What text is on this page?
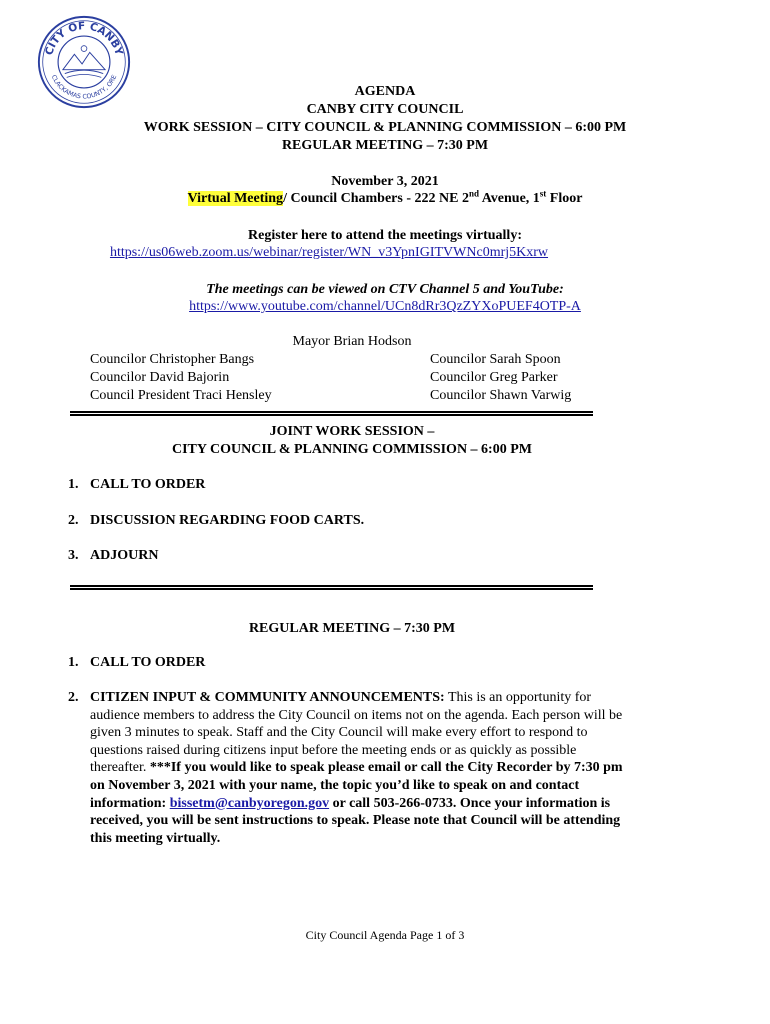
CITY OF CANBY
CLACKAMAS COUNTY, ORE
AGENDA
CANBY CITY COUNCIL
WORK SESSION – CITY COUNCIL & PLANNING COMMISSION – 6:00 PM
REGULAR MEETING – 7:30 PM
November 3, 2021
Virtual Meeting/ Council Chambers - 222 NE 2nd Avenue, 1st Floor
Register here to attend the meetings virtually:
https://us06web.zoom.us/webinar/register/WN_v3YpnIGITVWNc0mrj5Kxrw
The meetings can be viewed on CTV Channel 5 and YouTube:
https://www.youtube.com/channel/UCn8dRr3QzZYXoPUEF4OTP-A
Mayor Brian Hodson
Councilor Christopher Bangs
Councilor David Bajorin
Council President Traci Hensley
Councilor Sarah Spoon
Councilor Greg Parker
Councilor Shawn Varwig
JOINT WORK SESSION –
CITY COUNCIL & PLANNING COMMISSION – 6:00 PM
1. CALL TO ORDER
2. DISCUSSION REGARDING FOOD CARTS.
3. ADJOURN
REGULAR MEETING – 7:30 PM
1. CALL TO ORDER
2. CITIZEN INPUT & COMMUNITY ANNOUNCEMENTS: This is an opportunity for audience members to address the City Council on items not on the agenda. Each person will be given 3 minutes to speak. Staff and the City Council will make every effort to respond to questions raised during citizens input before the meeting ends or as quickly as possible thereafter. ***If you would like to speak please email or call the City Recorder by 7:30 pm on November 3, 2021 with your name, the topic you’d like to speak on and contact information: bissetm@canbyoregon.gov or call 503-266-0733. Once your information is received, you will be sent instructions to speak. Please note that Council will be attending this meeting virtually.
City Council Agenda Page 1 of 3
